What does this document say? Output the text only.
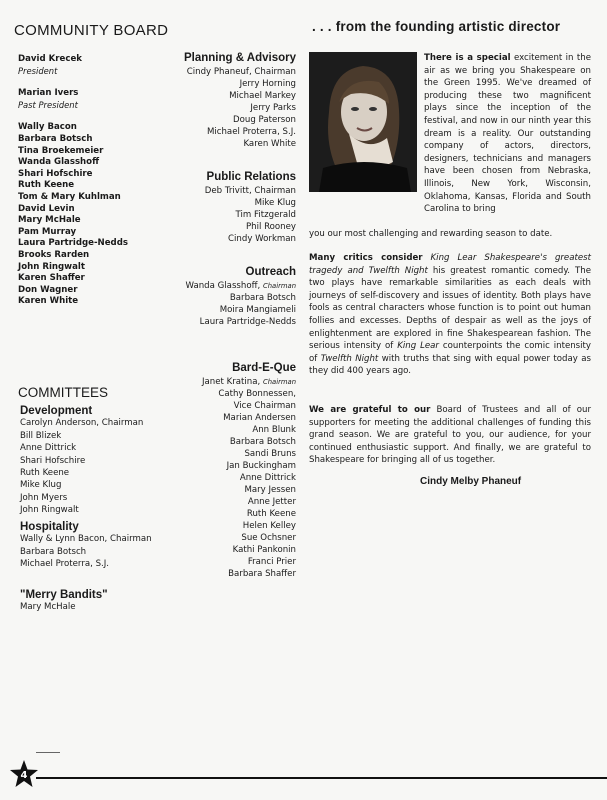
COMMUNITY BOARD
David Krecek
President
Marian Ivers
Past President
Wally Bacon
Barbara Botsch
Tina Broekemeier
Wanda Glasshoff
Shari Hofschire
Ruth Keene
Tom & Mary Kuhlman
David Levin
Mary McHale
Pam Murray
Laura Partridge-Nedds
Brooks Rarden
John Ringwalt
Karen Shaffer
Don Wagner
Karen White
COMMITTEES
Development
Carolyn Anderson, Chairman
Bill Blizek
Anne Dittrick
Shari Hofschire
Ruth Keene
Mike Klug
John Myers
John Ringwalt
Hospitality
Wally & Lynn Bacon, Chairman
Barbara Botsch
Michael Proterra, S.J.
"Merry Bandits"
Mary McHale
Planning & Advisory
Cindy Phaneuf, Chairman
Jerry Horning
Michael Markey
Jerry Parks
Doug Paterson
Michael Proterra, S.J.
Karen White
Public Relations
Deb Trivitt, Chairman
Mike Klug
Tim Fitzgerald
Phil Rooney
Cindy Workman
Outreach
Wanda Glasshoff, Chairman
Barbara Botsch
Moira Mangiameli
Laura Partridge-Nedds
Bard-E-Que
Janet Kratina, Chairman
Cathy Bonnessen,
Vice Chairman
Marian Andersen
Ann Blunk
Barbara Botsch
Sandi Bruns
Jan Buckingham
Anne Dittrick
Mary Jessen
Anne Jetter
Ruth Keene
Helen Kelley
Sue Ochsner
Kathi Pankonin
Franci Prier
Barbara Shaffer
. . . from the founding artistic director
There is a special excitement in the air as we bring you Shakespeare on the Green 1995. We've dreamed of producing these two magnificent plays since the inception of the festival, and now in our ninth year this dream is a reality. Our outstanding company of actors, directors, designers, technicians and managers have been chosen from Nebraska, Illinois, New York, Wisconsin, Oklahoma, Kansas, Florida and South Carolina to bring
you our most challenging and rewarding season to date.
Many critics consider King Lear Shakespeare's greatest tragedy and Twelfth Night his greatest romantic comedy. The two plays have remarkable similarities as each deals with journeys of self-discovery and issues of identity. Both plays have fools as central characters whose function is to point out human follies and excesses. Depths of despair as well as the joys of enlightenment are explored in fine Shakespearean fashion. The serious intensity of King Lear counterpoints the comic intensity of Twelfth Night with truths that sing with equal power today as they did 400 years ago.
We are grateful to our Board of Trustees and all of our supporters for meeting the additional challenges of funding this grand season. We are grateful to you, our audience, for your continued enthusiastic support. And finally, we are grateful to Shakespeare for bringing all of us together.
Cindy Melby Phaneuf
4
